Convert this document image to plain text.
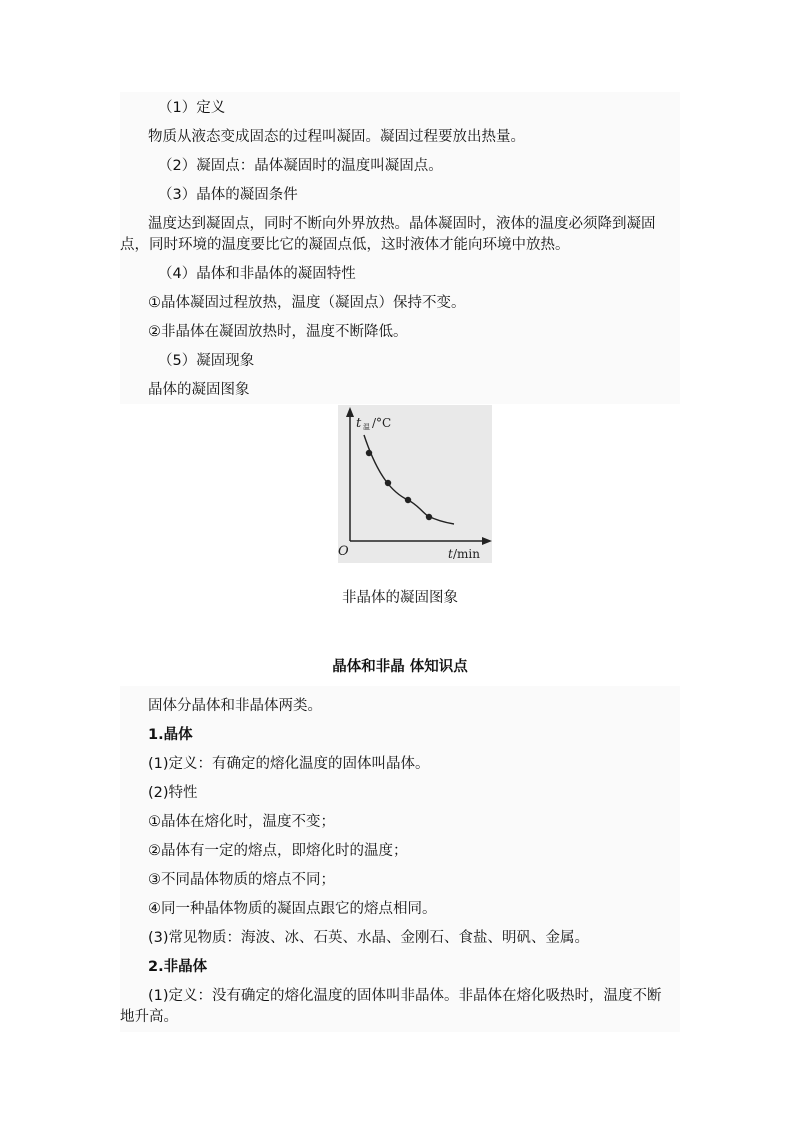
（1）定义
物质从液态变成固态的过程叫凝固。凝固过程要放出热量。
（2）凝固点：晶体凝固时的温度叫凝固点。
（3）晶体的凝固条件
温度达到凝固点，同时不断向外界放热。晶体凝固时，液体的温度必须降到凝固点，同时环境的温度要比它的凝固点低，这时液体才能向环境中放热。
（4）晶体和非晶体的凝固特性
①晶体凝固过程放热，温度（凝固点）保持不变。
②非晶体在凝固放热时，温度不断降低。
（5）凝固现象
晶体的凝固图象
t 温 /°C
O	t /min
非晶体的凝固图象
晶体和非晶 体知识点
固体分晶体和非晶体两类。
1.晶体
(1)定义：有确定的熔化温度的固体叫晶体。
(2)特性
①晶体在熔化时，温度不变；
②晶体有一定的熔点，即熔化时的温度；
③不同晶体物质的熔点不同；
④同一种晶体物质的凝固点跟它的熔点相同。
(3)常见物质：海波、冰、石英、水晶、金刚石、食盐、明矾、金属。
2.非晶体
(1)定义：没有确定的熔化温度的固体叫非晶体。非晶体在熔化吸热时，温度不断地升高。
